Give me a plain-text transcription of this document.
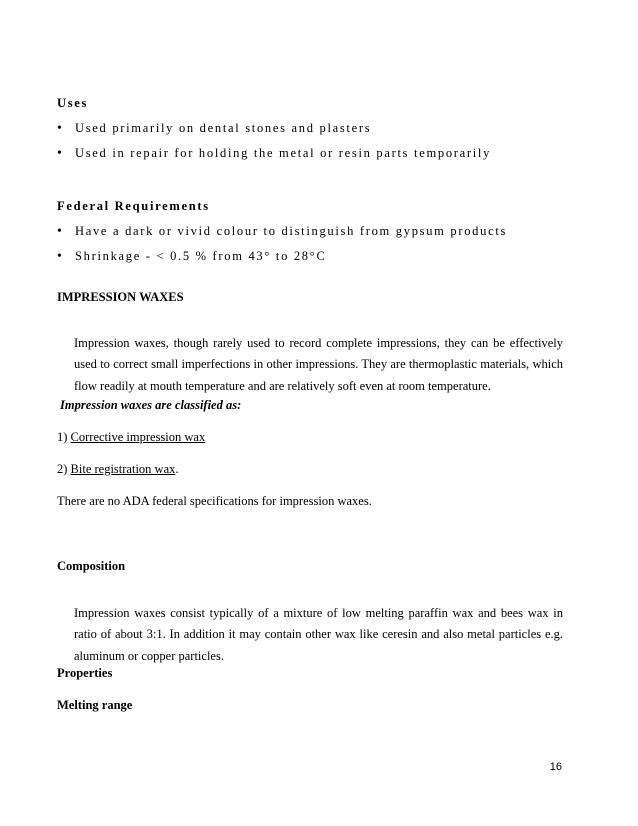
Uses

• Used primarily on dental stones and plasters
• Used in repair for holding the metal or resin parts temporarily

Federal Requirements

• Have a dark or vivid colour to distinguish from gypsum products
• Shrinkage - < 0.5 % from 43° to 28°C

IMPRESSION WAXES

Impression waxes, though rarely used to record complete impressions, they can be effectively used to correct small imperfections in other impressions. They are thermoplastic materials, which flow readily at mouth temperature and are relatively soft even at room temperature.

Impression waxes are classified as:

1) Corrective impression wax

2) Bite registration wax.

There are no ADA federal specifications for impression waxes.

Composition

Impression waxes consist typically of a mixture of low melting paraffin wax and bees wax in ratio of about 3:1. In addition it may contain other wax like ceresin and also metal particles e.g. aluminum or copper particles.

Properties

Melting range

16
